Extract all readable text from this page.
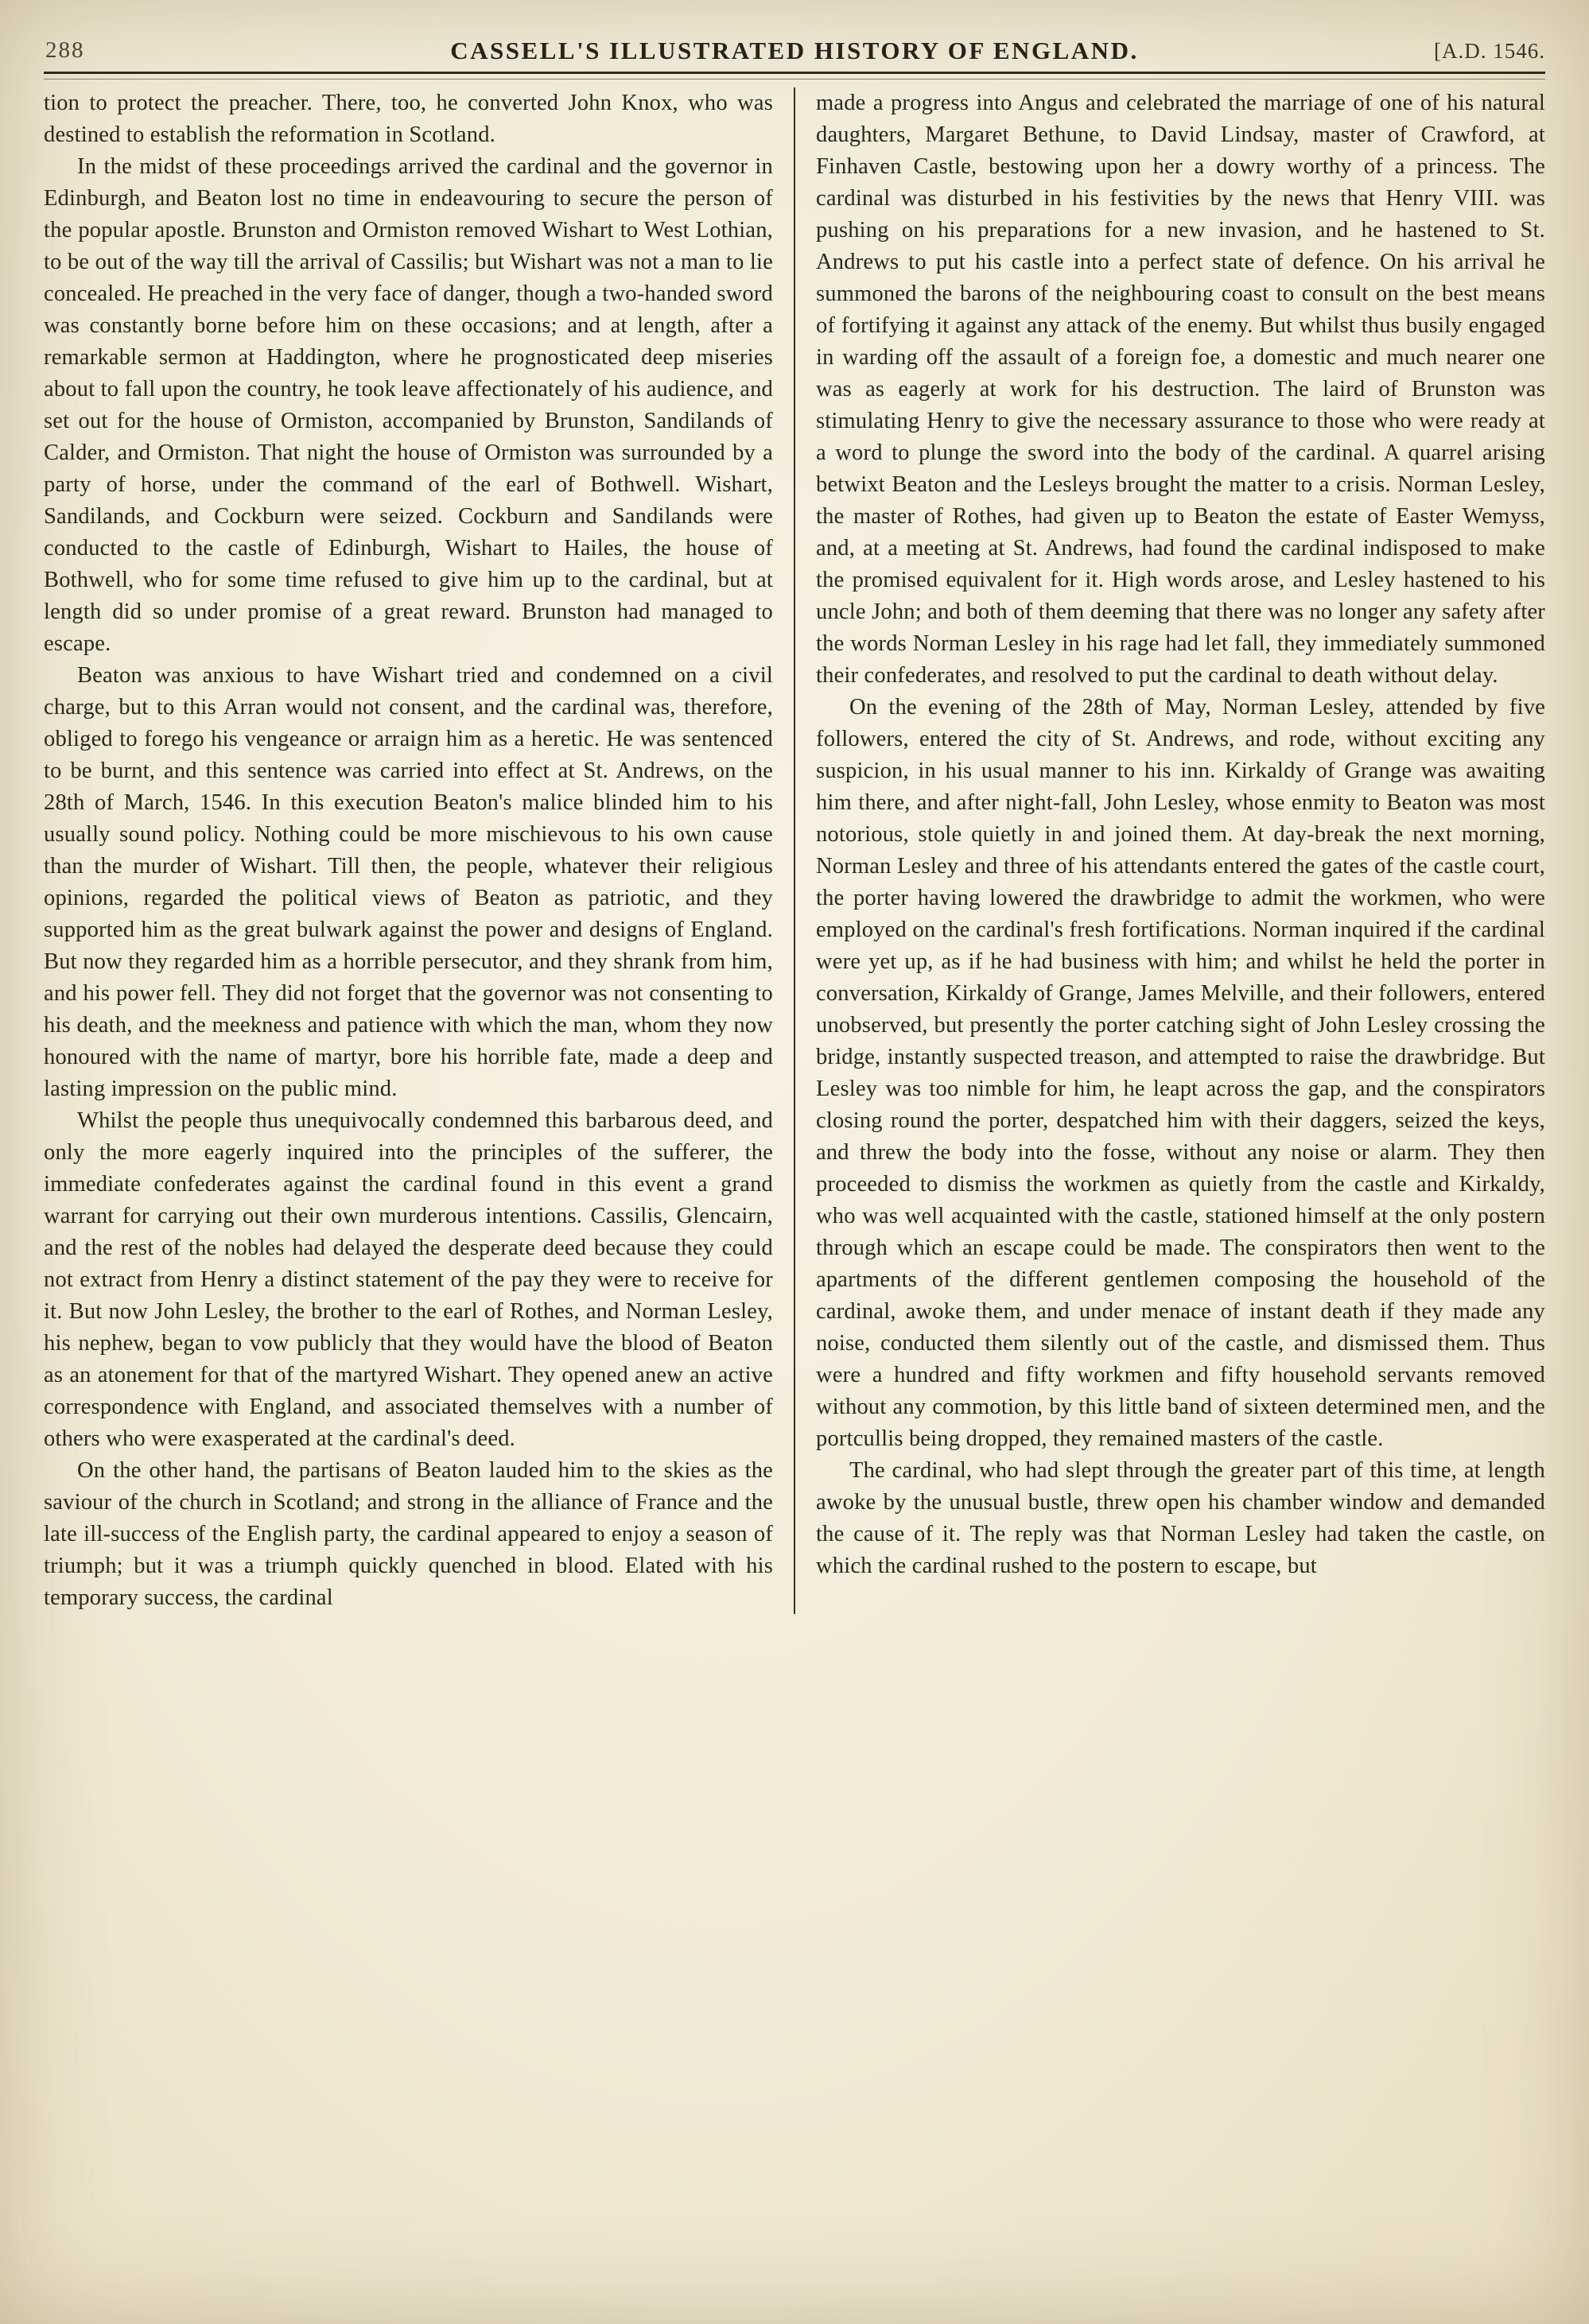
288	CASSELL'S ILLUSTRATED HISTORY OF ENGLAND.	[A.D. 1546.

tion to protect the preacher. There, too, he converted John Knox, who was destined to establish the reformation in Scotland.

In the midst of these proceedings arrived the cardinal and the governor in Edinburgh, and Beaton lost no time in endeavouring to secure the person of the popular apostle. Brunston and Ormiston removed Wishart to West Lothian, to be out of the way till the arrival of Cassilis; but Wishart was not a man to lie concealed. He preached in the very face of danger, though a two-handed sword was constantly borne before him on these occasions; and at length, after a remarkable sermon at Haddington, where he prognosticated deep miseries about to fall upon the country, he took leave affectionately of his audience, and set out for the house of Ormiston, accompanied by Brunston, Sandilands of Calder, and Ormiston. That night the house of Ormiston was surrounded by a party of horse, under the command of the earl of Bothwell. Wishart, Sandilands, and Cockburn were seized. Cockburn and Sandilands were conducted to the castle of Edinburgh, Wishart to Hailes, the house of Bothwell, who for some time refused to give him up to the cardinal, but at length did so under promise of a great reward. Brunston had managed to escape.

Beaton was anxious to have Wishart tried and condemned on a civil charge, but to this Arran would not consent, and the cardinal was, therefore, obliged to forego his vengeance or arraign him as a heretic. He was sentenced to be burnt, and this sentence was carried into effect at St. Andrews, on the 28th of March, 1546. In this execution Beaton's malice blinded him to his usually sound policy. Nothing could be more mischievous to his own cause than the murder of Wishart. Till then, the people, whatever their religious opinions, regarded the political views of Beaton as patriotic, and they supported him as the great bulwark against the power and designs of England. But now they regarded him as a horrible persecutor, and they shrank from him, and his power fell. They did not forget that the governor was not consenting to his death, and the meekness and patience with which the man, whom they now honoured with the name of martyr, bore his horrible fate, made a deep and lasting impression on the public mind.

Whilst the people thus unequivocally condemned this barbarous deed, and only the more eagerly inquired into the principles of the sufferer, the immediate confederates against the cardinal found in this event a grand warrant for carrying out their own murderous intentions. Cassilis, Glencairn, and the rest of the nobles had delayed the desperate deed because they could not extract from Henry a distinct statement of the pay they were to receive for it. But now John Lesley, the brother to the earl of Rothes, and Norman Lesley, his nephew, began to vow publicly that they would have the blood of Beaton as an atonement for that of the martyred Wishart. They opened anew an active correspondence with England, and associated themselves with a number of others who were exasperated at the cardinal's deed.

On the other hand, the partisans of Beaton lauded him to the skies as the saviour of the church in Scotland; and strong in the alliance of France and the late ill-success of the English party, the cardinal appeared to enjoy a season of triumph; but it was a triumph quickly quenched in blood. Elated with his temporary success, the cardinal

made a progress into Angus and celebrated the marriage of one of his natural daughters, Margaret Bethune, to David Lindsay, master of Crawford, at Finhaven Castle, bestowing upon her a dowry worthy of a princess. The cardinal was disturbed in his festivities by the news that Henry VIII. was pushing on his preparations for a new invasion, and he hastened to St. Andrews to put his castle into a perfect state of defence. On his arrival he summoned the barons of the neighbouring coast to consult on the best means of fortifying it against any attack of the enemy. But whilst thus busily engaged in warding off the assault of a foreign foe, a domestic and much nearer one was as eagerly at work for his destruction. The laird of Brunston was stimulating Henry to give the necessary assurance to those who were ready at a word to plunge the sword into the body of the cardinal. A quarrel arising betwixt Beaton and the Lesleys brought the matter to a crisis. Norman Lesley, the master of Rothes, had given up to Beaton the estate of Easter Wemyss, and, at a meeting at St. Andrews, had found the cardinal indisposed to make the promised equivalent for it. High words arose, and Lesley hastened to his uncle John; and both of them deeming that there was no longer any safety after the words Norman Lesley in his rage had let fall, they immediately summoned their confederates, and resolved to put the cardinal to death without delay.

On the evening of the 28th of May, Norman Lesley, attended by five followers, entered the city of St. Andrews, and rode, without exciting any suspicion, in his usual manner to his inn. Kirkaldy of Grange was awaiting him there, and after night-fall, John Lesley, whose enmity to Beaton was most notorious, stole quietly in and joined them. At day-break the next morning, Norman Lesley and three of his attendants entered the gates of the castle court, the porter having lowered the drawbridge to admit the workmen, who were employed on the cardinal's fresh fortifications. Norman inquired if the cardinal were yet up, as if he had business with him; and whilst he held the porter in conversation, Kirkaldy of Grange, James Melville, and their followers, entered unobserved, but presently the porter catching sight of John Lesley crossing the bridge, instantly suspected treason, and attempted to raise the drawbridge. But Lesley was too nimble for him, he leapt across the gap, and the conspirators closing round the porter, despatched him with their daggers, seized the keys, and threw the body into the fosse, without any noise or alarm. They then proceeded to dismiss the workmen as quietly from the castle and Kirkaldy, who was well acquainted with the castle, stationed himself at the only postern through which an escape could be made. The conspirators then went to the apartments of the different gentlemen composing the household of the cardinal, awoke them, and under menace of instant death if they made any noise, conducted them silently out of the castle, and dismissed them. Thus were a hundred and fifty workmen and fifty household servants removed without any commotion, by this little band of sixteen determined men, and the portcullis being dropped, they remained masters of the castle.

The cardinal, who had slept through the greater part of this time, at length awoke by the unusual bustle, threw open his chamber window and demanded the cause of it. The reply was that Norman Lesley had taken the castle, on which the cardinal rushed to the postern to escape, but
